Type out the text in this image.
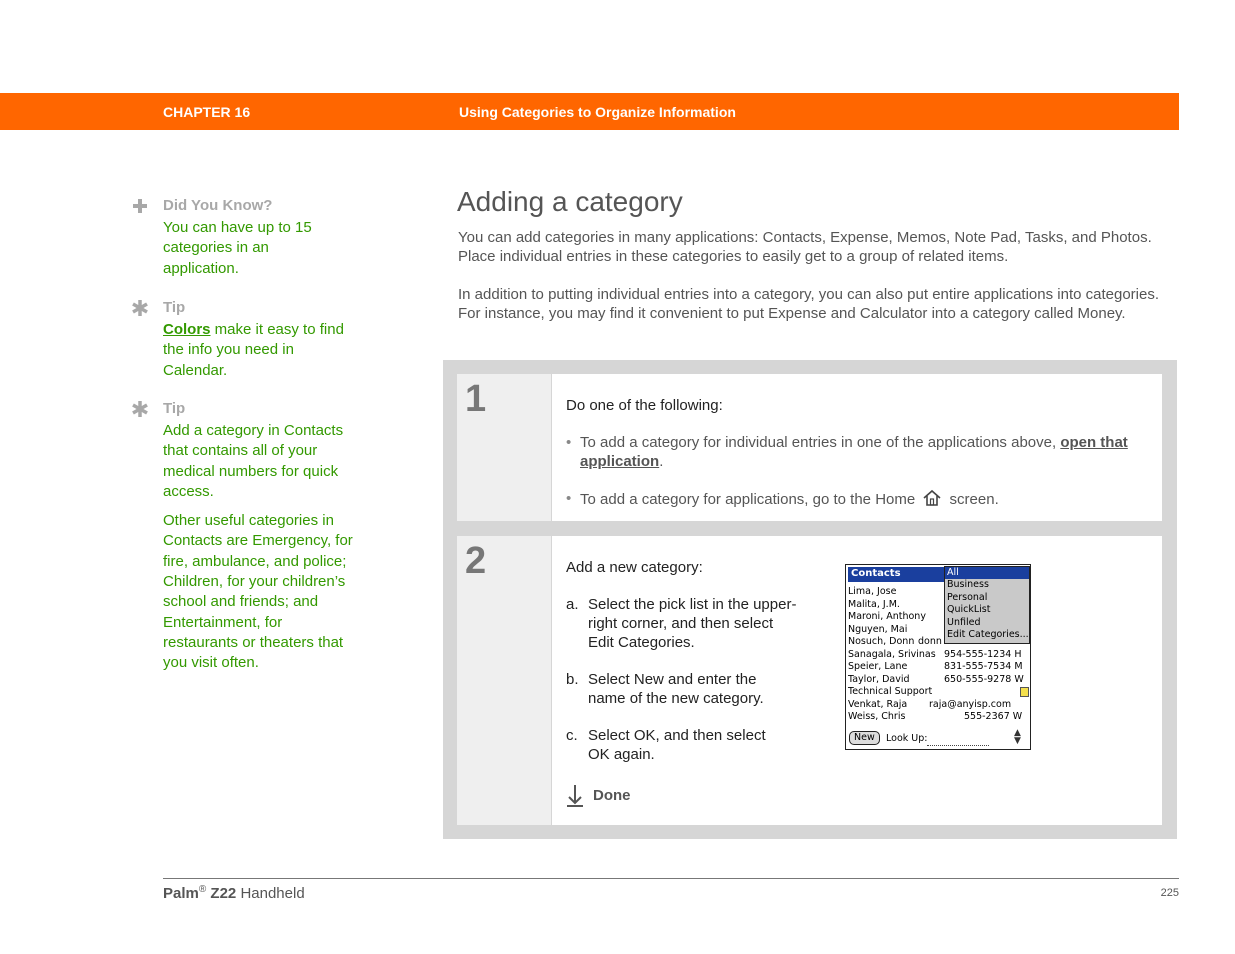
CHAPTER 16	Using Categories to Organize Information
Did You Know?
You can have up to 15 categories in an application.
Tip
Colors make it easy to find the info you need in Calendar.
Tip
Add a category in Contacts that contains all of your medical numbers for quick access.
Other useful categories in Contacts are Emergency, for fire, ambulance, and police; Children, for your children’s school and friends; and Entertainment, for restaurants or theaters that you visit often.
Adding a category
You can add categories in many applications: Contacts, Expense, Memos, Note Pad, Tasks, and Photos. Place individual entries in these categories to easily get to a group of related items.
In addition to putting individual entries into a category, you can also put entire applications into categories. For instance, you may find it convenient to put Expense and Calculator into a category called Money.
1	Do one of the following:
• To add a category for individual entries in one of the applications above, open that application.
• To add a category for applications, go to the Home screen.
2	Add a new category:
a. Select the pick list in the upper-right corner, and then select Edit Categories.
b. Select New and enter the name of the new category.
c. Select OK, and then select OK again.
Done
Contacts
Lima, Jose
Malita, J.M.
Maroni, Anthony
Nguyen, Mai
Nosuch, Donn donn
Sanagala, Srivinas 954-555-1234 H
Speier, Lane	831-555-7534 M
Taylor, David	650-555-9278 W
Technical Support
Venkat, Raja raja@anyisp.com
Weiss, Chris	555-2367 W
All
Business
Personal
QuickList
Unfiled
Edit Categories...
New	Look Up:	▲
▼
Palm® Z22 Handheld	225
